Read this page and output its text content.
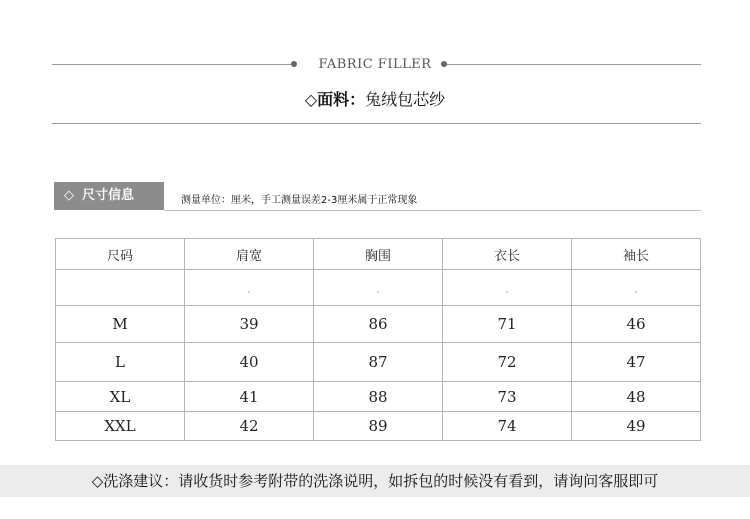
FABRIC FILLER
◇面料：兔绒包芯纱
◇ 尺寸信息	测量单位：厘米，手工测量误差2-3厘米属于正常现象
尺码	肩宽	胸围	衣长	袖长

M	39	86	71	46
L	40	87	72	47
XL	41	88	73	48
XXL	42	89	74	49
◇洗涤建议：请收货时参考附带的洗涤说明，如拆包的时候没有看到，请询问客服即可
